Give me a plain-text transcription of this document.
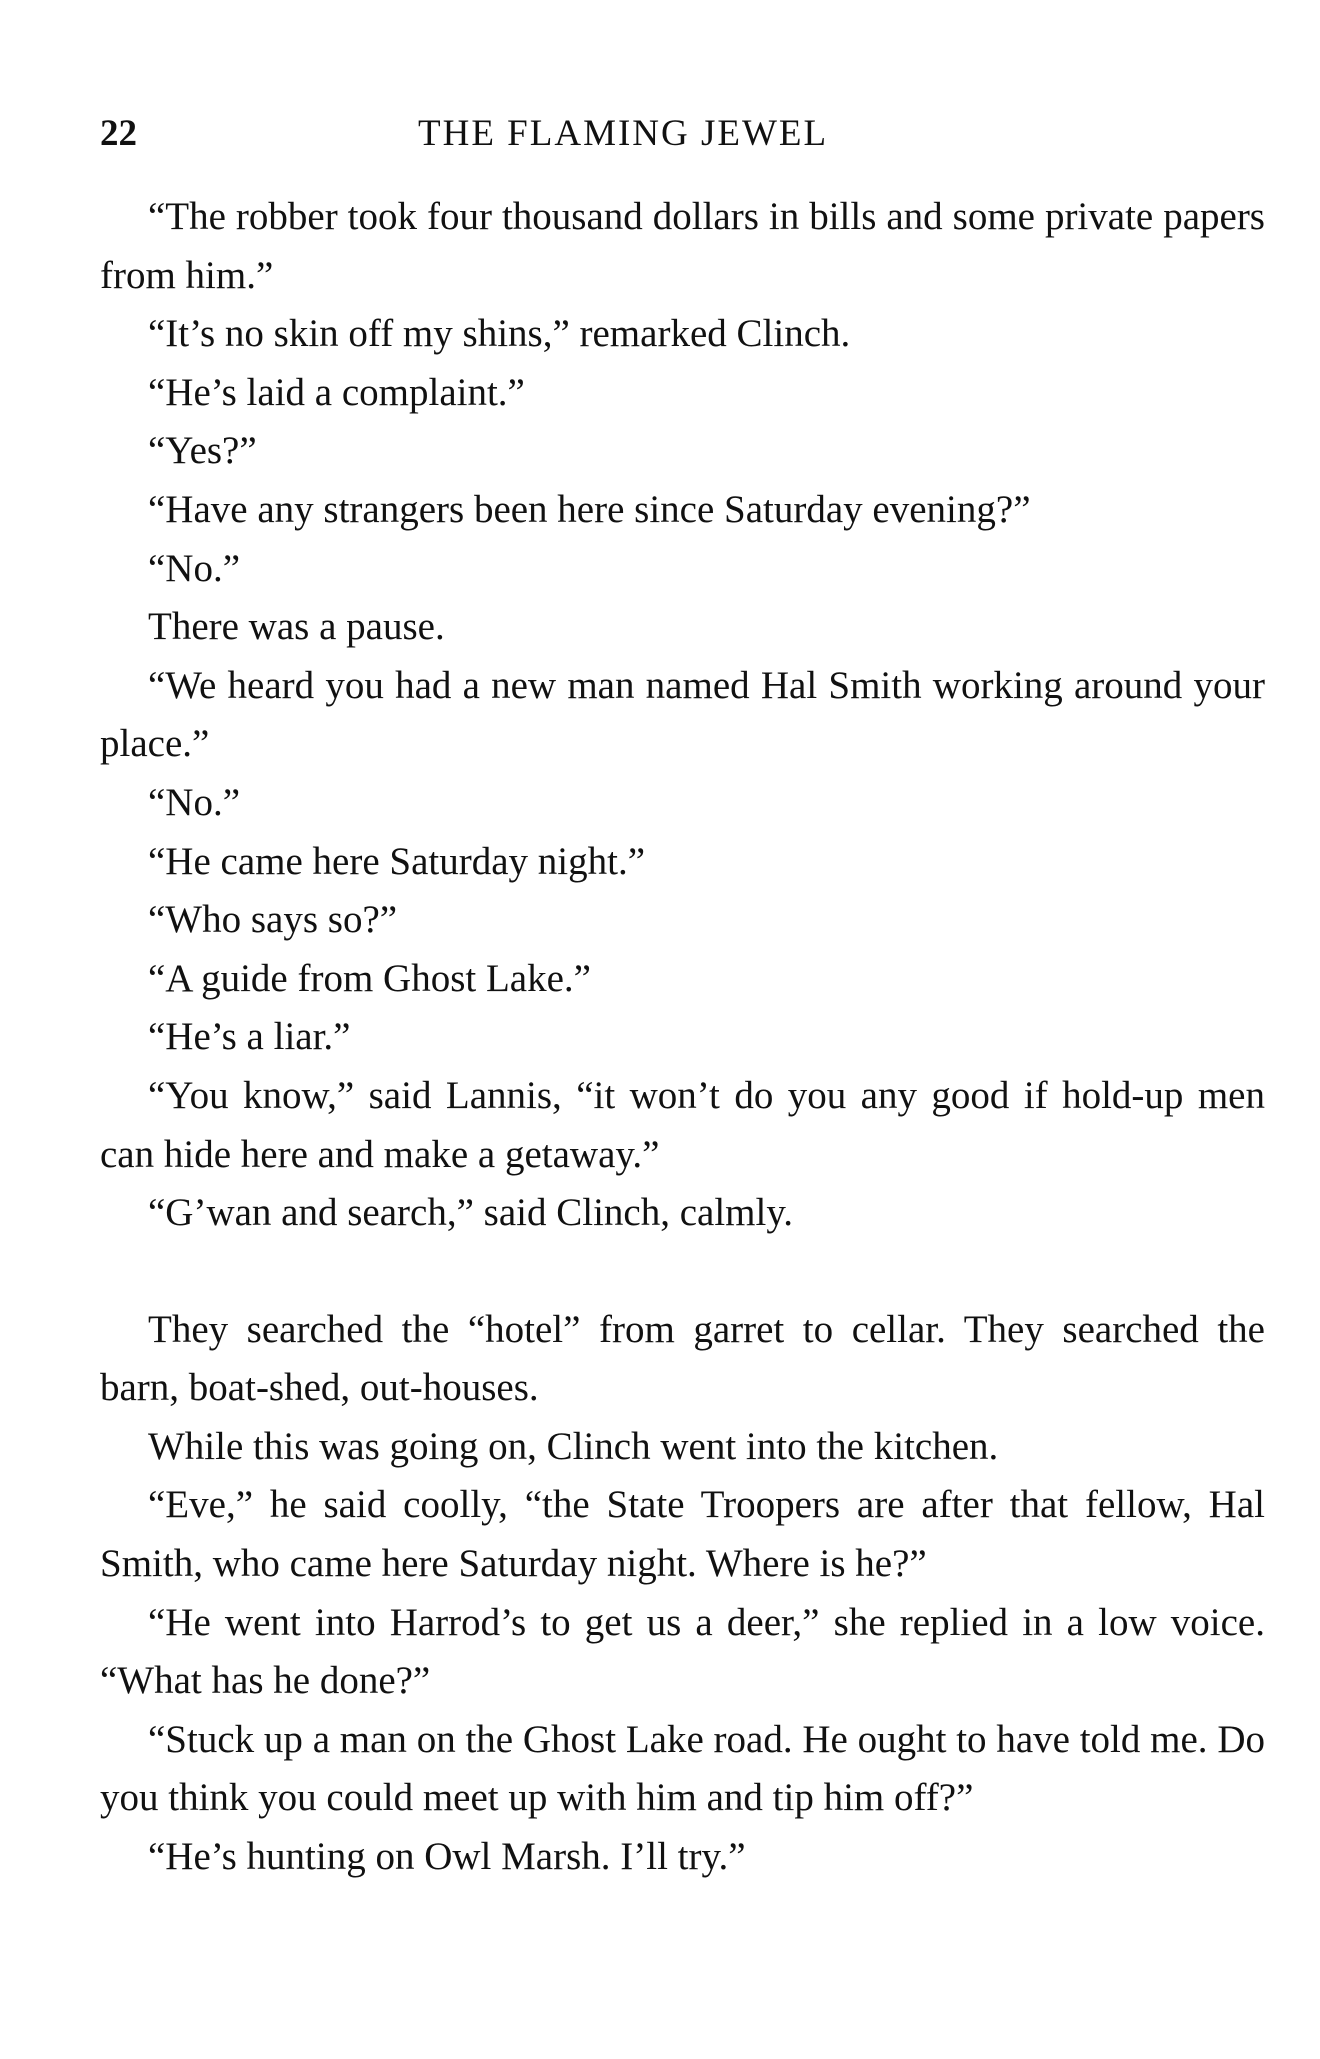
22	THE FLAMING JEWEL

“The robber took four thousand dollars in bills and some private papers from him.”

“It’s no skin off my shins,” remarked Clinch.

“He’s laid a complaint.”

“Yes?”

“Have any strangers been here since Saturday evening?”

“No.”

There was a pause.

“We heard you had a new man named Hal Smith working around your place.”

“No.”

“He came here Saturday night.”

“Who says so?”

“A guide from Ghost Lake.”

“He’s a liar.”

“You know,” said Lannis, “it won’t do you any good if hold-up men can hide here and make a getaway.”

“G’wan and search,” said Clinch, calmly.

They searched the “hotel” from garret to cellar. They searched the barn, boat-shed, out-houses.

While this was going on, Clinch went into the kitchen.

“Eve,” he said coolly, “the State Troopers are after that fellow, Hal Smith, who came here Saturday night. Where is he?”

“He went into Harrod’s to get us a deer,” she replied in a low voice. “What has he done?”

“Stuck up a man on the Ghost Lake road. He ought to have told me. Do you think you could meet up with him and tip him off?”

“He’s hunting on Owl Marsh. I’ll try.”
